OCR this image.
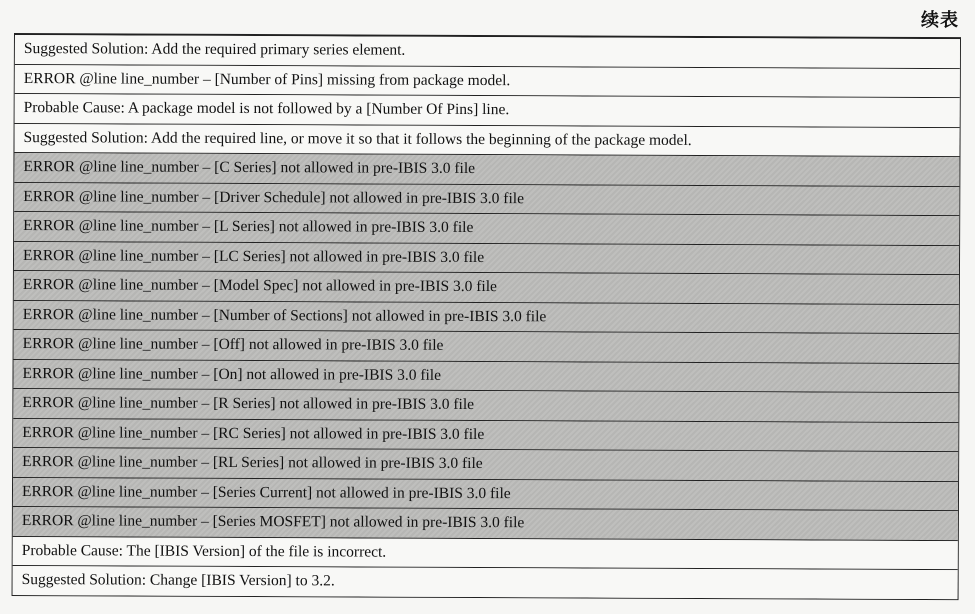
续表
Suggested Solution: Add the required primary series element.
ERROR @line line_number – [Number of Pins] missing from package model.
Probable Cause: A package model is not followed by a [Number Of Pins] line.
Suggested Solution: Add the required line, or move it so that it follows the beginning of the package model.
ERROR @line line_number – [C Series] not allowed in pre-IBIS 3.0 file
ERROR @line line_number – [Driver Schedule] not allowed in pre-IBIS 3.0 file
ERROR @line line_number – [L Series] not allowed in pre-IBIS 3.0 file
ERROR @line line_number – [LC Series] not allowed in pre-IBIS 3.0 file
ERROR @line line_number – [Model Spec] not allowed in pre-IBIS 3.0 file
ERROR @line line_number – [Number of Sections] not allowed in pre-IBIS 3.0 file
ERROR @line line_number – [Off] not allowed in pre-IBIS 3.0 file
ERROR @line line_number – [On] not allowed in pre-IBIS 3.0 file
ERROR @line line_number – [R Series] not allowed in pre-IBIS 3.0 file
ERROR @line line_number – [RC Series] not allowed in pre-IBIS 3.0 file
ERROR @line line_number – [RL Series] not allowed in pre-IBIS 3.0 file
ERROR @line line_number – [Series Current] not allowed in pre-IBIS 3.0 file
ERROR @line line_number – [Series MOSFET] not allowed in pre-IBIS 3.0 file
Probable Cause: The [IBIS Version] of the file is incorrect.
Suggested Solution: Change [IBIS Version] to 3.2.
